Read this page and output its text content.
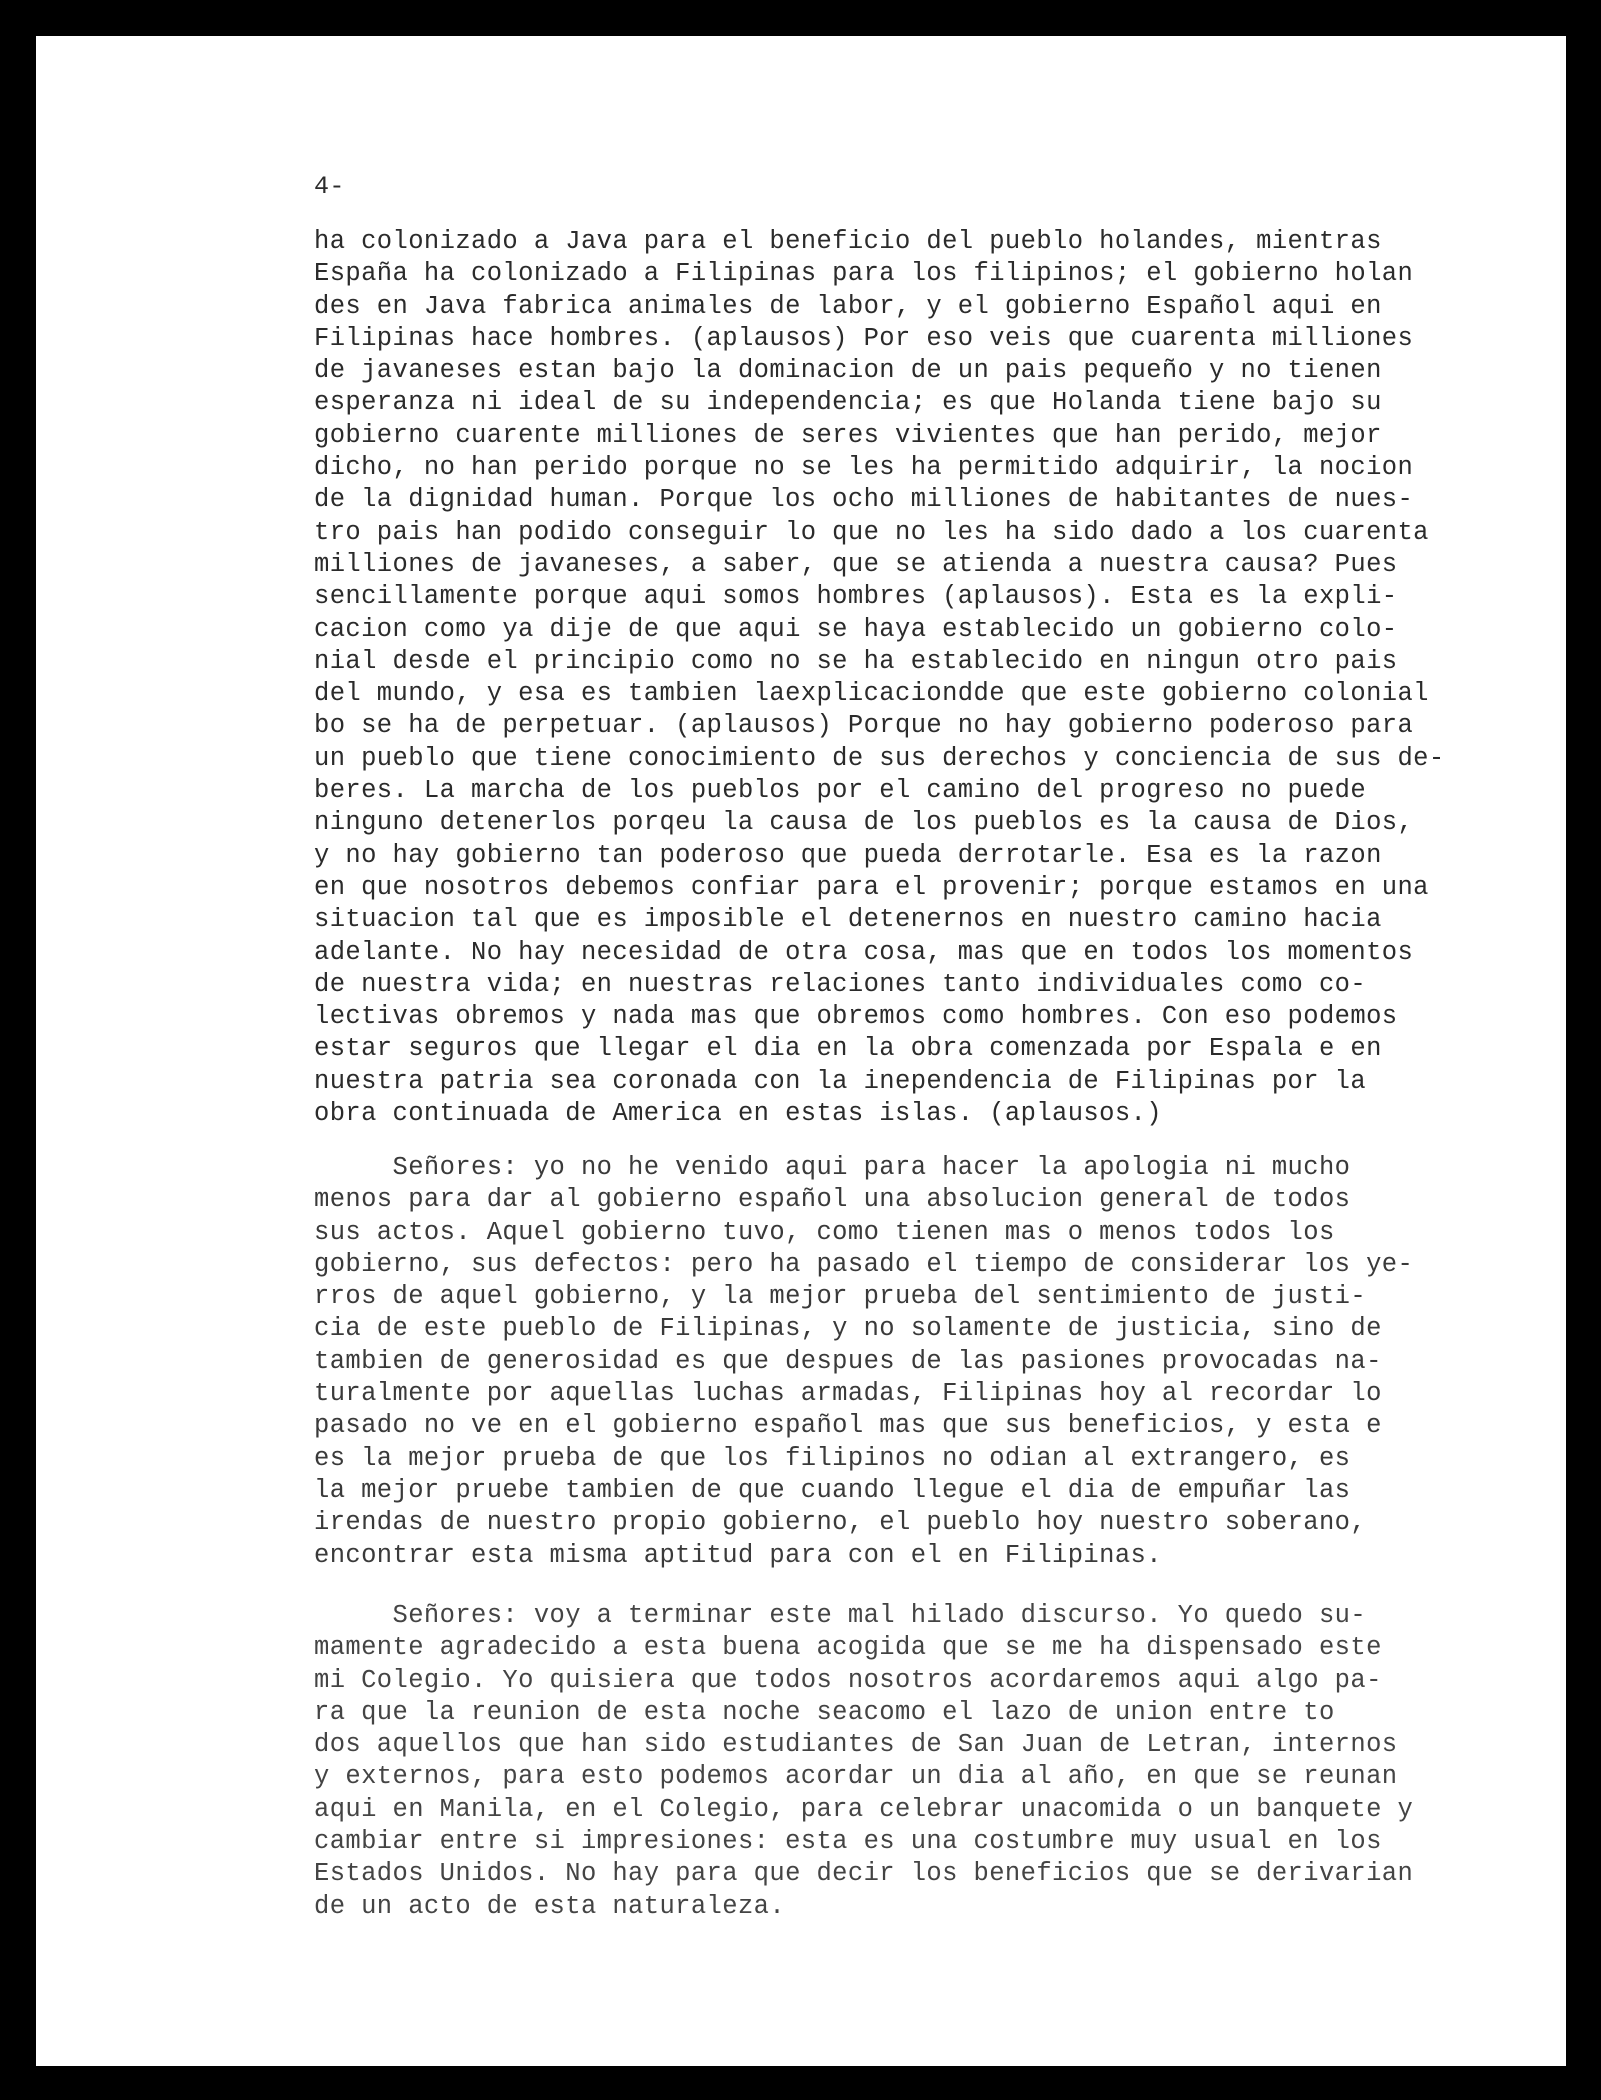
4-

ha colonizado a Java para el beneficio del pueblo holandes, mientras
España ha colonizado a Filipinas para los filipinos; el gobierno holan
des en Java fabrica animales de labor, y el gobierno Español aqui en
Filipinas hace hombres. (aplausos) Por eso veis que cuarenta milliones
de javaneses estan bajo la dominacion de un pais pequeño y no tienen
esperanza ni ideal de su independencia; es que Holanda tiene bajo su
gobierno cuarente milliones de seres vivientes que han perido, mejor
dicho, no han perido porque no se les ha permitido adquirir, la nocion
de la dignidad human. Porque los ocho milliones de habitantes de nues-
tro pais han podido conseguir lo que no les ha sido dado a los cuarenta
milliones de javaneses, a saber, que se atienda a nuestra causa? Pues
sencillamente porque aqui somos hombres (aplausos). Esta es la expli-
cacion como ya dije de que aqui se haya establecido un gobierno colo-
nial desde el principio como no se ha establecido en ningun otro pais
del mundo, y esa es tambien laexplicaciondde que este gobierno colonial
bo se ha de perpetuar. (aplausos) Porque no hay gobierno poderoso para
un pueblo que tiene conocimiento de sus derechos y conciencia de sus de-
beres. La marcha de los pueblos por el camino del progreso no puede
ninguno detenerlos porqeu la causa de los pueblos es la causa de Dios,
y no hay gobierno tan poderoso que pueda derrotarle. Esa es la razon
en que nosotros debemos confiar para el provenir; porque estamos en una
situacion tal que es imposible el detenernos en nuestro camino hacia
adelante. No hay necesidad de otra cosa, mas que en todos los momentos
de nuestra vida; en nuestras relaciones tanto individuales como co-
lectivas obremos y nada mas que obremos como hombres. Con eso podemos
estar seguros que llegar el dia en la obra comenzada por Espala e en
nuestra patria sea coronada con la inependencia de Filipinas por la
obra continuada de America en estas islas. (aplausos.)

Señores: yo no he venido aqui para hacer la apologia ni mucho
menos para dar al gobierno español una absolucion general de todos
sus actos. Aquel gobierno tuvo, como tienen mas o menos todos los
gobierno, sus defectos: pero ha pasado el tiempo de considerar los ye-
rros de aquel gobierno, y la mejor prueba del sentimiento de justi-
cia de este pueblo de Filipinas, y no solamente de justicia, sino de
tambien de generosidad es que despues de las pasiones provocadas na-
turalmente por aquellas luchas armadas, Filipinas hoy al recordar lo
pasado no ve en el gobierno español mas que sus beneficios, y esta e
es la mejor prueba de que los filipinos no odian al extrangero, es
la mejor pruebe tambien de que cuando llegue el dia de empuñar las
irendas de nuestro propio gobierno, el pueblo hoy nuestro soberano,
encontrar esta misma aptitud para con el en Filipinas.

Señores: voy a terminar este mal hilado discurso. Yo quedo su-
mamente agradecido a esta buena acogida que se me ha dispensado este
mi Colegio. Yo quisiera que todos nosotros acordaremos aqui algo pa-
ra que la reunion de esta noche seacomo el lazo de union entre to
dos aquellos que han sido estudiantes de San Juan de Letran, internos
y externos, para esto podemos acordar un dia al año, en que se reunan
aqui en Manila, en el Colegio, para celebrar unacomida o un banquete y
cambiar entre si impresiones: esta es una costumbre muy usual en los
Estados Unidos. No hay para que decir los beneficios que se derivarian
de un acto de esta naturaleza.
